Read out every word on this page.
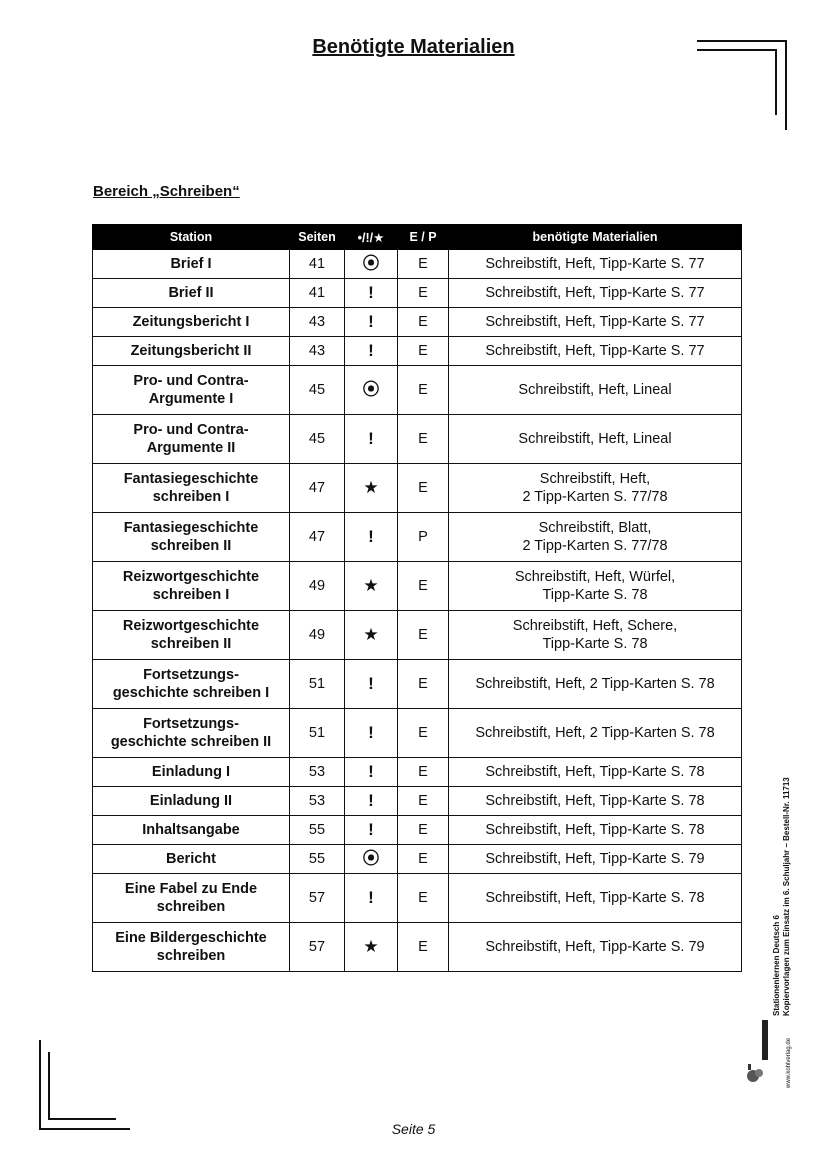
Benötigte Materialien
Bereich „Schreiben“
Station	Seiten	•/!/★	E / P	benötigte Materialien
Brief I	41	⦿	E	Schreibstift, Heft, Tipp-Karte S. 77
Brief II	41	!	E	Schreibstift, Heft, Tipp-Karte S. 77
Zeitungsbericht I	43	!	E	Schreibstift, Heft, Tipp-Karte S. 77
Zeitungsbericht II	43	!	E	Schreibstift, Heft, Tipp-Karte S. 77
Pro- und Contra-
Argumente I	45	⦿	E	Schreibstift, Heft, Lineal
Pro- und Contra-
Argumente II	45	!	E	Schreibstift, Heft, Lineal
Fantasiegeschichte
schreiben I	47	★	E	Schreibstift, Heft,
2 Tipp-Karten S. 77/78
Fantasiegeschichte
schreiben II	47	!	P	Schreibstift, Blatt,
2 Tipp-Karten S. 77/78
Reizwortgeschichte
schreiben I	49	★	E	Schreibstift, Heft, Würfel,
Tipp-Karte S. 78
Reizwortgeschichte
schreiben II	49	★	E	Schreibstift, Heft, Schere,
Tipp-Karte S. 78
Fortsetzungs-
geschichte schreiben I	51	!	E	Schreibstift, Heft, 2 Tipp-Karten S. 78
Fortsetzungs-
geschichte schreiben II	51	!	E	Schreibstift, Heft, 2 Tipp-Karten S. 78
Einladung I	53	!	E	Schreibstift, Heft, Tipp-Karte S. 78
Einladung II	53	!	E	Schreibstift, Heft, Tipp-Karte S. 78
Inhaltsangabe	55	!	E	Schreibstift, Heft, Tipp-Karte S. 78
Bericht	55	⦿	E	Schreibstift, Heft, Tipp-Karte S. 79
Eine Fabel zu Ende
schreiben	57	!	E	Schreibstift, Heft, Tipp-Karte S. 78
Eine Bildergeschichte
schreiben	57	★	E	Schreibstift, Heft, Tipp-Karte S. 79
www.kohlverlag.de
Stationenlernen Deutsch 6 Kopiervorlagen zum Einsatz im 6. Schuljahr – Bestell-Nr. 11713
Seite 5
